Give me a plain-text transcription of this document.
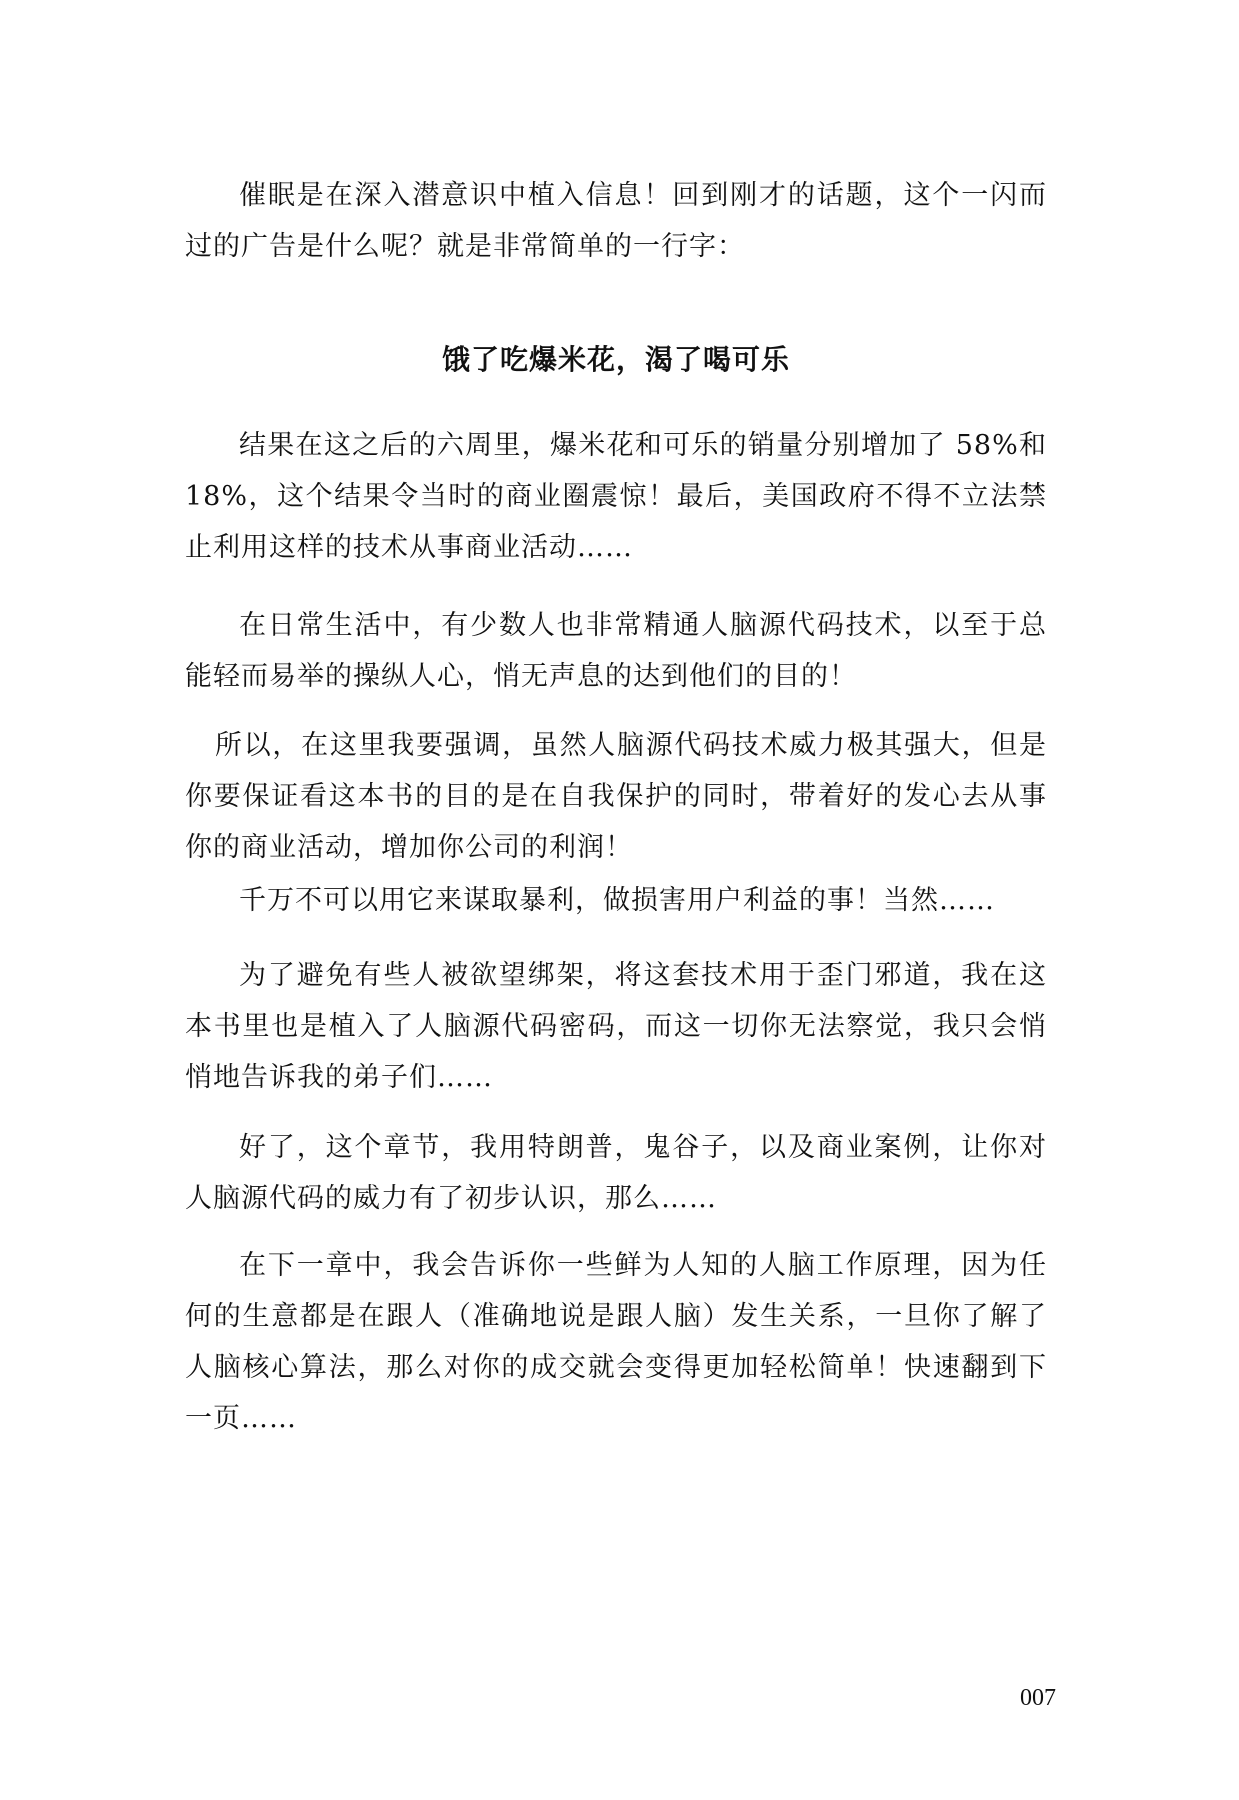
催眠是在深入潜意识中植入信息！回到刚才的话题，这个一闪而过的广告是什么呢？就是非常简单的一行字：

饿了吃爆米花，渴了喝可乐

结果在这之后的六周里，爆米花和可乐的销量分别增加了 58%和18%，这个结果令当时的商业圈震惊！最后，美国政府不得不立法禁止利用这样的技术从事商业活动……

在日常生活中，有少数人也非常精通人脑源代码技术，以至于总能轻而易举的操纵人心，悄无声息的达到他们的目的！

所以，在这里我要强调，虽然人脑源代码技术威力极其强大，但是你要保证看这本书的目的是在自我保护的同时，带着好的发心去从事你的商业活动，增加你公司的利润！

千万不可以用它来谋取暴利，做损害用户利益的事！当然……

为了避免有些人被欲望绑架，将这套技术用于歪门邪道，我在这本书里也是植入了人脑源代码密码，而这一切你无法察觉，我只会悄悄地告诉我的弟子们……

好了，这个章节，我用特朗普，鬼谷子，以及商业案例，让你对人脑源代码的威力有了初步认识，那么……

在下一章中，我会告诉你一些鲜为人知的人脑工作原理，因为任何的生意都是在跟人（准确地说是跟人脑）发生关系，一旦你了解了人脑核心算法，那么对你的成交就会变得更加轻松简单！快速翻到下一页……

007
